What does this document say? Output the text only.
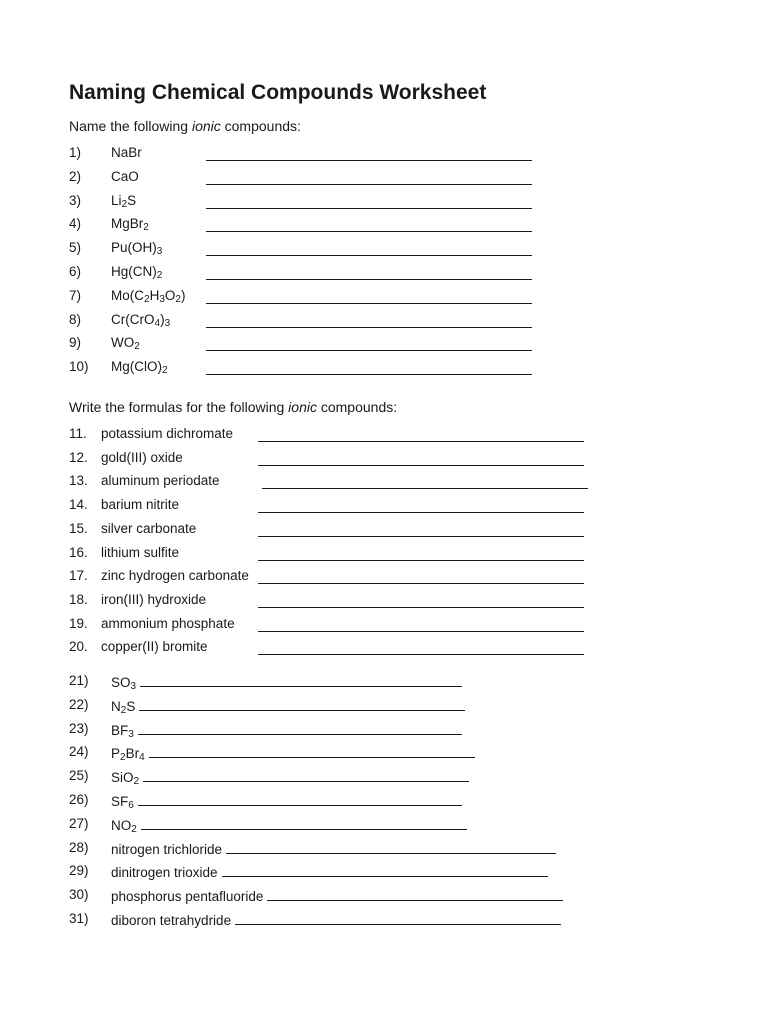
Naming Chemical Compounds Worksheet
Name the following ionic compounds:
1) NaBr
2) CaO
3) $Li_2S$
4) MgBr$_2$
5) $Pu(OH)_3$
6) $Hg(CN)_2$
7) $Mo(C_2H_3O_2)$
8) $Cr(CrO_4)_3$
9) $WO_2$
10) $Mg(ClO)_2$
Write the formulas for the following ionic compounds:
11. potassium dichromate
12. gold(III) oxide
13. aluminum periodate
14. barium nitrite
15. silver carbonate
16. lithium sulfite
17. zinc hydrogen carbonate
18. iron(III) hydroxide
19. ammonium phosphate
20. copper(II) bromite
21) $SO_3$
22) $N_2S$
23) $BF_3$
24) $P_2Br_4$
25) SiO$_2$
26) $SF_6$
27) $NO_2$
28) nitrogen trichloride
29) dinitrogen trioxide
30) phosphorus pentafluoride
31) diboron tetrahydride
